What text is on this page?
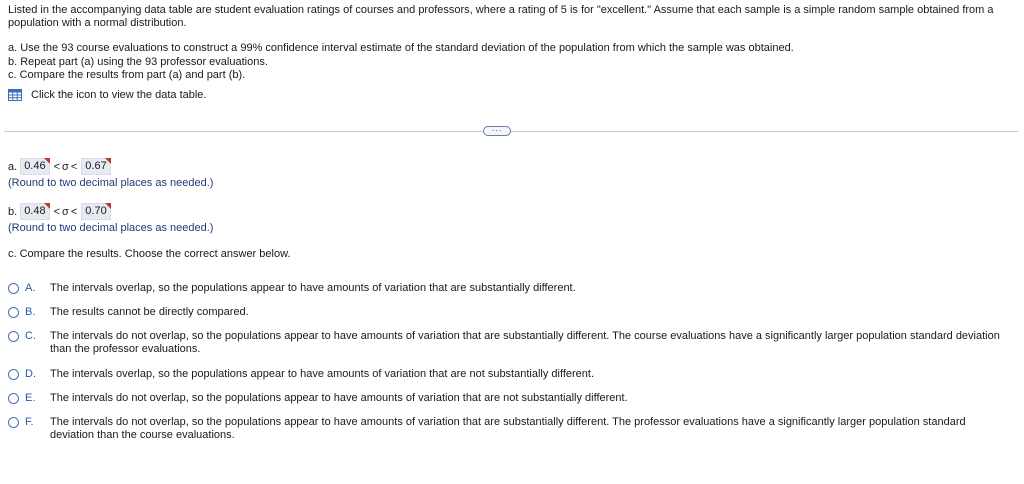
Listed in the accompanying data table are student evaluation ratings of courses and professors, where a rating of 5 is for "excellent." Assume that each sample is a simple random sample obtained from a population with a normal distribution.
a. Use the 93 course evaluations to construct a 99% confidence interval estimate of the standard deviation of the population from which the sample was obtained.
b. Repeat part (a) using the 93 professor evaluations.
c. Compare the results from part (a) and part (b).
Click the icon to view the data table.
···
a. 0.46 < σ < 0.67
(Round to two decimal places as needed.)
b. 0.48 < σ < 0.70
(Round to two decimal places as needed.)
c. Compare the results. Choose the correct answer below.
A.	The intervals overlap, so the populations appear to have amounts of variation that are substantially different.
B.	The results cannot be directly compared.
C.	The intervals do not overlap, so the populations appear to have amounts of variation that are substantially different. The course evaluations have a significantly larger population standard deviation than the professor evaluations.
D.	The intervals overlap, so the populations appear to have amounts of variation that are not substantially different.
E.	The intervals do not overlap, so the populations appear to have amounts of variation that are not substantially different.
F.	The intervals do not overlap, so the populations appear to have amounts of variation that are substantially different. The professor evaluations have a significantly larger population standard deviation than the course evaluations.
